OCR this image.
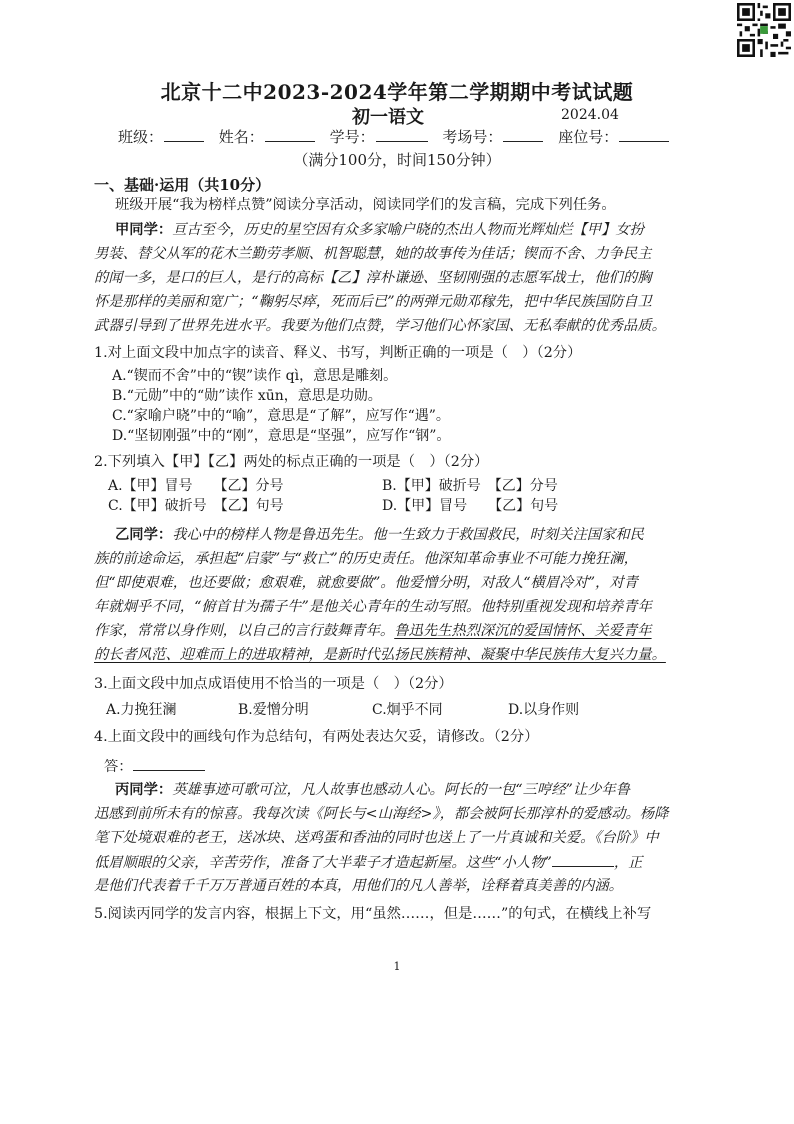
北京十二中2023-2024学年第二学期期中考试试题
初一语文	2024.04
班级：	姓名：	学号：	考场号：	座位号：
（满分100分，时间150分钟）
一、基础·运用（共10分）
班级开展“我为榜样点赞”阅读分享活动，阅读同学们的发言稿，完成下列任务。
甲同学：亘古至今，历史的星空因有众多家喻户晓的杰出人物而光辉灿烂【甲】女扮
男装、替父从军的花木兰勤劳孝顺、机智聪慧，她的故事传为佳话；锲而不舍、力争民主
的闻一多，是口的巨人，是行的高标【乙】淳朴谦逊、坚韧刚强的志愿军战士，他们的胸
怀是那样的美丽和宽广；“鞠躬尽瘁，死而后已”的两弹元勋邓稼先，把中华民族国防自卫
武器引导到了世界先进水平。我要为他们点赞，学习他们心怀家国、无私奉献的优秀品质。
1.对上面文段中加点字的读音、释义、书写，判断正确的一项是（　）（2分）
A.“锲而不舍”中的“锲”读作 qì，意思是雕刻。
B.“元勋”中的“勋”读作 xūn，意思是功勋。
C.“家喻户晓”中的“喻”，意思是“了解”，应写作“遇”。
D.“坚韧刚强”中的“刚”，意思是“坚强”，应写作“钢”。
2.下列填入【甲】【乙】两处的标点正确的一项是（　）（2分）
A.【甲】冒号　　【乙】分号	B.【甲】破折号　【乙】分号
C.【甲】破折号　【乙】句号	D.【甲】冒号　　【乙】句号
乙同学：我心中的榜样人物是鲁迅先生。他一生致力于救国救民，时刻关注国家和民
族的前途命运，承担起“启蒙”与“救亡”的历史责任。他深知革命事业不可能力挽狂澜，
但“即使艰难，也还要做；愈艰难，就愈要做”。他爱憎分明，对敌人“横眉冷对”，对青
年就炯乎不同，“俯首甘为孺子牛”是他关心青年的生动写照。他特别重视发现和培养青年
作家，常常以身作则，以自己的言行鼓舞青年。鲁迅先生热烈深沉的爱国情怀、关爱青年
的长者风范、迎难而上的进取精神，是新时代弘扬民族精神、凝聚中华民族伟大复兴力量。
3.上面文段中加点成语使用不恰当的一项是（　）（2分）
A.力挽狂澜	B.爱憎分明	C.炯乎不同	D.以身作则
4.上面文段中的画线句作为总结句，有两处表达欠妥，请修改。（2分）
答：
丙同学：英雄事迹可歌可泣，凡人故事也感动人心。阿长的一包“三哼经”让少年鲁
迅感到前所未有的惊喜。我每次读《阿长与<山海经>》，都会被阿长那淳朴的爱感动。杨降
笔下处境艰难的老王，送冰块、送鸡蛋和香油的同时也送上了一片真诚和关爱。《台阶》中
低眉顺眼的父亲，辛苦劳作，准备了大半辈子才造起新屋。这些“小人物”	，正
是他们代表着千千万万普通百姓的本真，用他们的凡人善举，诠释着真美善的内涵。
5.阅读丙同学的发言内容，根据上下文，用“虽然……，但是……”的句式，在横线上补写
1
